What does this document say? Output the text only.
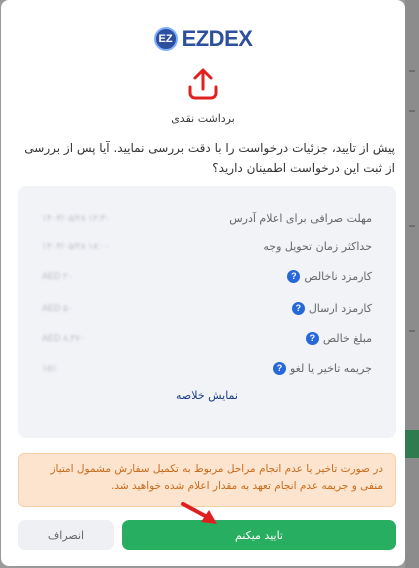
EZ EZDEX
برداشت نقدی
پیش از تایید، جزئیات درخواست را با دقت بررسی نمایید. آیا پس از بررسی از ثبت این درخواست اطمینان دارید؟
مهلت صرافی برای اعلام آدرس
۱۴۰۳/۰۵/۲۸ ۱۲:۳۰
حداکثر زمان تحویل وجه
۱۴۰۳/۰۵/۲۸ ۱۸:۰۰
کارمزد ناخالص
?
AED ۲۰
کارمزد ارسال
?
AED ۵۰
مبلغ خالص
?
AED ۸,۴۷۰
جریمه تاخیر یا لغو
?
۱۵٪
نمایش خلاصه
در صورت تاخیر یا عدم انجام مراحل مربوط به تکمیل سفارش مشمول امتیاز منفی و جریمه عدم انجام تعهد به مقدار اعلام شده خواهید شد.
تایید میکنم
انصراف
